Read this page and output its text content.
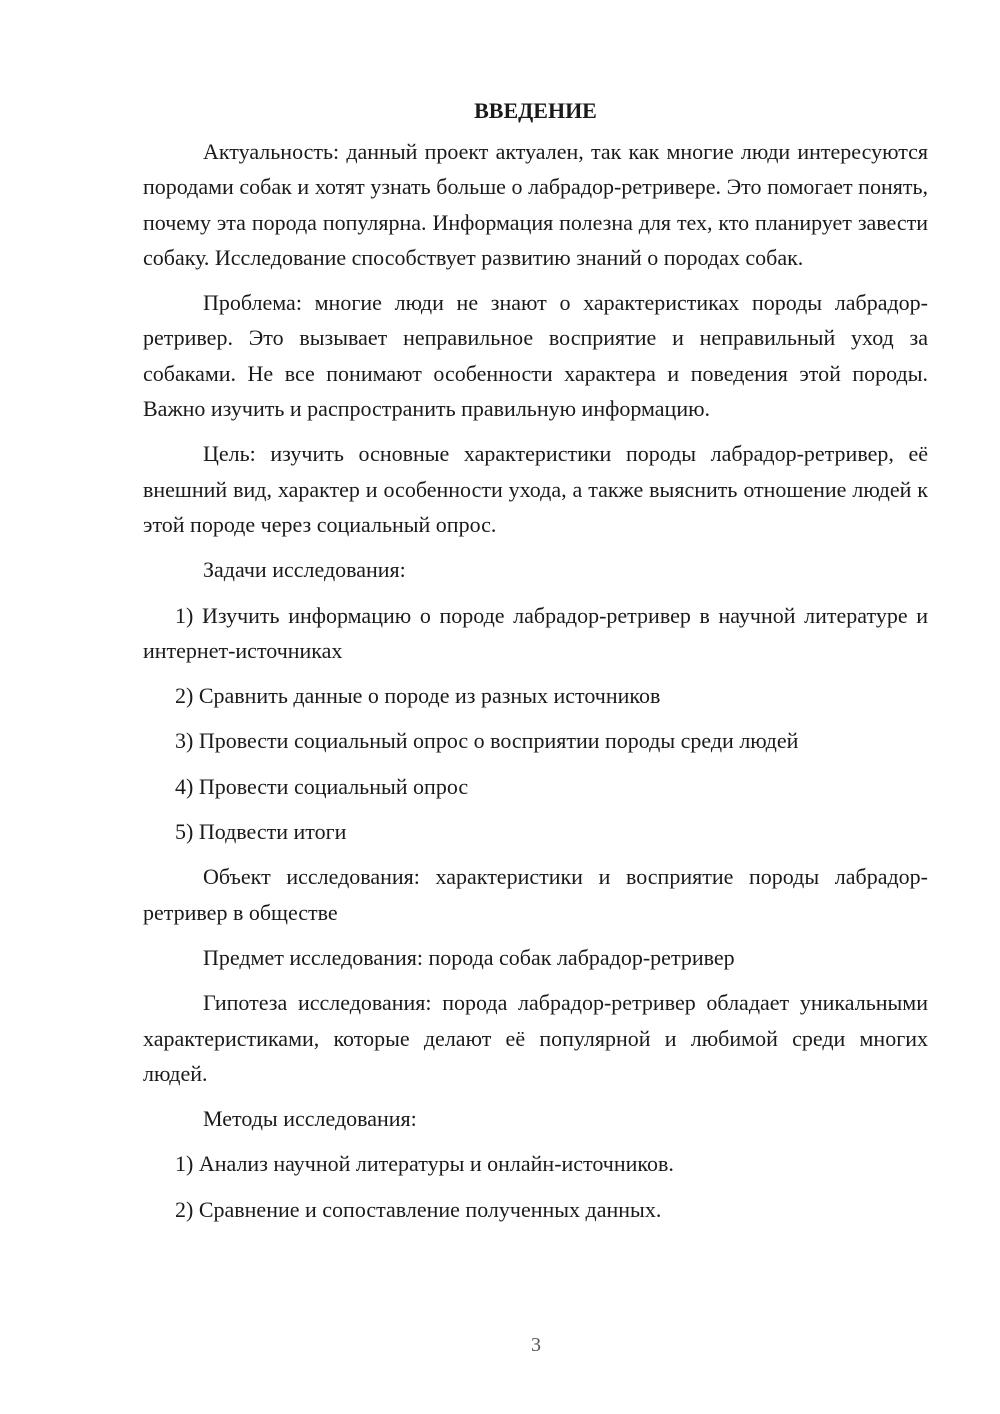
ВВЕДЕНИЕ

Актуальность: данный проект актуален, так как многие люди интересуются породами собак и хотят узнать больше о лабрадор-ретривере. Это помогает понять, почему эта порода популярна. Информация полезна для тех, кто планирует завести собаку. Исследование способствует развитию знаний о породах собак.

Проблема: многие люди не знают о характеристиках породы лабрадор-ретривер. Это вызывает неправильное восприятие и неправильный уход за собаками. Не все понимают особенности характера и поведения этой породы. Важно изучить и распространить правильную информацию.

Цель: изучить основные характеристики породы лабрадор-ретривер, её внешний вид, характер и особенности ухода, а также выяснить отношение людей к этой породе через социальный опрос.

Задачи исследования:

1) Изучить информацию о породе лабрадор-ретривер в научной литературе и интернет-источниках

2) Сравнить данные о породе из разных источников

3) Провести социальный опрос о восприятии породы среди людей

4) Провести социальный опрос

5) Подвести итоги

Объект исследования: характеристики и восприятие породы лабрадор-ретривер в обществе

Предмет исследования: порода собак лабрадор-ретривер

Гипотеза исследования: порода лабрадор-ретривер обладает уникальными характеристиками, которые делают её популярной и любимой среди многих людей.

Методы исследования:

1) Анализ научной литературы и онлайн-источников.

2) Сравнение и сопоставление полученных данных.

3
